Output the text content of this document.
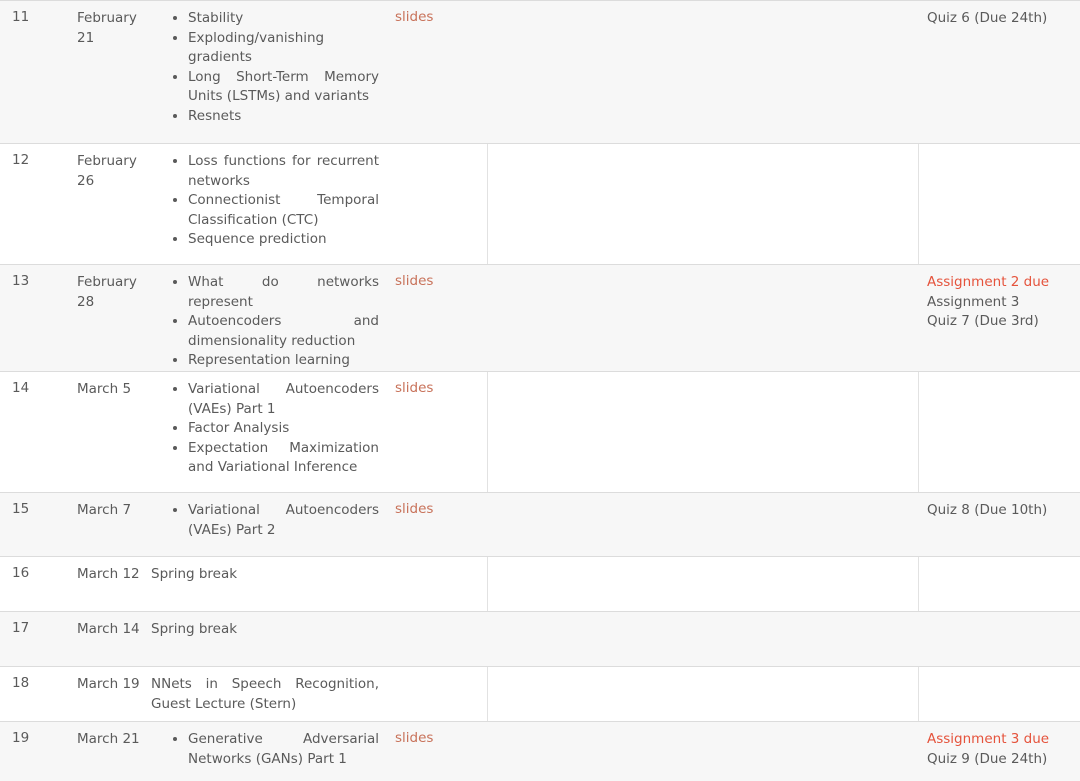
11	February 21
• Stability
• Exploding/vanishing gradients
• Long Short-Term Memory Units (LSTMs) and variants
• Resnets
slides	Quiz 6 (Due 24th)
12	February 26
• Loss functions for recurrent networks
• Connectionist Temporal Classification (CTC)
• Sequence prediction
13	February 28
• What do networks represent
• Autoencoders and dimensionality reduction
• Representation learning
slides	Assignment 2 due
Assignment 3
Quiz 7 (Due 3rd)
14	March 5	• Variational Autoencoders (VAEs) Part 1
• Factor Analysis
• Expectation Maximization and Variational Inference
slides
15	March 7	• Variational Autoencoders (VAEs) Part 2
slides	Quiz 8 (Due 10th)
16	March 12 Spring break
17	March 14 Spring break
18	March 19 NNets in Speech Recognition, Guest Lecture (Stern)
19	March 21	• Generative Adversarial Networks (GANs) Part 1
slides	Assignment 3 due
Quiz 9 (Due 24th)
